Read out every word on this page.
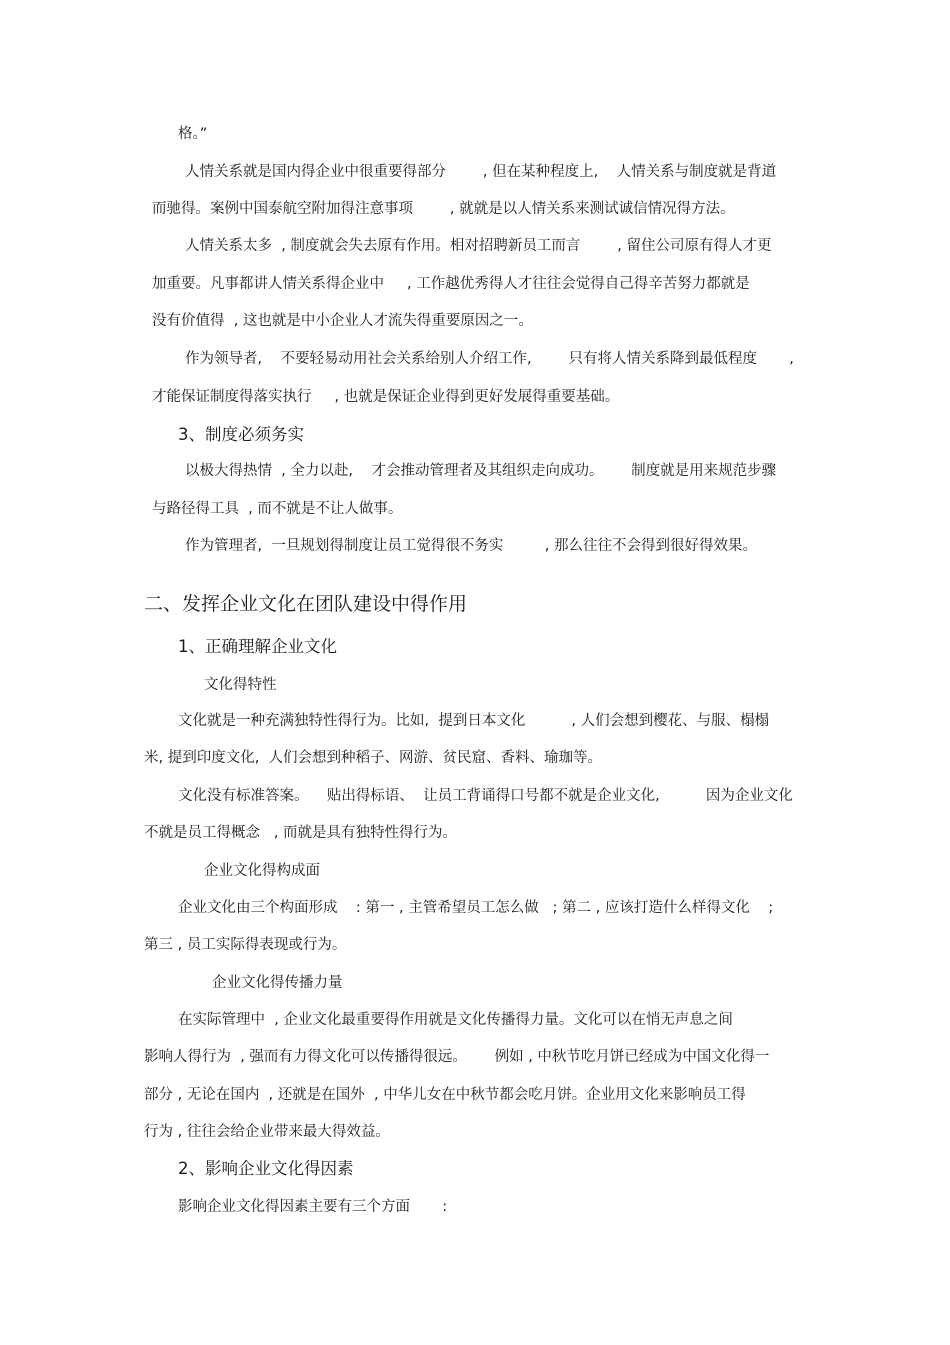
格。”
人情关系就是国内得企业中很重要得部分        , 但在某种程度上,    人情关系与制度就是背道
而驰得。案例中国泰航空附加得注意事项        , 就就是以人情关系来测试诚信情况得方法。
人情关系太多  , 制度就会失去原有作用。相对招聘新员工而言        , 留住公司原有得人才更
加重要。凡事都讲人情关系得企业中     , 工作越优秀得人才往往会觉得自己得辛苦努力都就是
没有价值得  , 这也就是中小企业人才流失得重要原因之一。
作为领导者,    不要轻易动用社会关系给别人介绍工作,        只有将人情关系降到最低程度       ,
才能保证制度得落实执行     , 也就是保证企业得到更好发展得重要基础。
3、制度必须务实
以极大得热情  , 全力以赴,    才会推动管理者及其组织走向成功。      制度就是用来规范步骤
与路径得工具  , 而不就是不让人做事。
作为管理者,  一旦规划得制度让员工觉得很不务实         , 那么往往不会得到很好得效果。
二、发挥企业文化在团队建设中得作用
1、正确理解企业文化
文化得特性
文化就是一种充满独特性得行为。比如,  提到日本文化          , 人们会想到樱花、与服、榻榻
米, 提到印度文化,  人们会想到种稻子、网游、贫民窟、香料、瑜珈等。
文化没有标准答案。    贴出得标语、  让员工背诵得口号都不就是企业文化,          因为企业文化
不就是员工得概念   , 而就是具有独特性得行为。
企业文化得构成面
企业文化由三个构面形成    : 第一 , 主管希望员工怎么做   ; 第二 , 应该打造什么样得文化    ;
第三 , 员工实际得表现或行为。
企业文化得传播力量
在实际管理中  , 企业文化最重要得作用就是文化传播得力量。文化可以在悄无声息之间
影响人得行为  , 强而有力得文化可以传播得很远。      例如 , 中秋节吃月饼已经成为中国文化得一
部分 , 无论在国内  , 还就是在国外  , 中华儿女在中秋节都会吃月饼。企业用文化来影响员工得
行为 , 往往会给企业带来最大得效益。
2、影响企业文化得因素
影响企业文化得因素主要有三个方面       :
